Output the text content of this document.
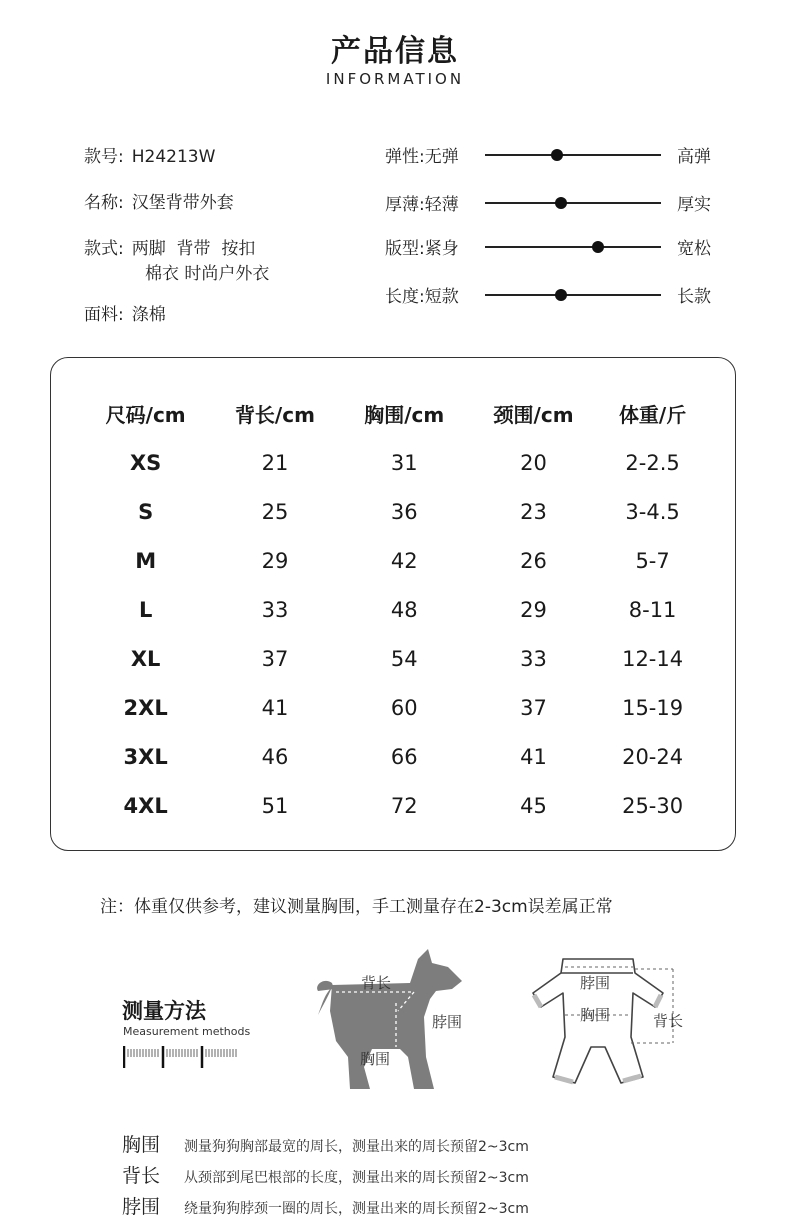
产品信息
INFORMATION
款号: H24213W
名称: 汉堡背带外套
款式: 两脚  背带  按扣
棉衣 时尚户外衣
面料: 涤棉
弹性:无弹	高弹
厚薄:轻薄	厚实
版型:紧身	宽松
长度:短款	长款
尺码/cm	背长/cm	胸围/cm	颈围/cm	体重/斤
XS	21	31	20	2-2.5
S	25	36	23	3-4.5
M	29	42	26	5-7
L	33	48	29	8-11
XL	37	54	33	12-14
2XL	41	60	37	15-19
3XL	46	66	41	20-24
4XL	51	72	45	25-30
注：体重仅供参考，建议测量胸围，手工测量存在2-3cm误差属正常
测量方法
Measurement methods
背长
脖围
胸围
脖围
胸围	背长
胸围 测量狗狗胸部最宽的周长，测量出来的周长预留2~3cm
背长 从颈部到尾巴根部的长度，测量出来的周长预留2~3cm
脖围 绕量狗狗脖颈一圈的周长，测量出来的周长预留2~3cm
